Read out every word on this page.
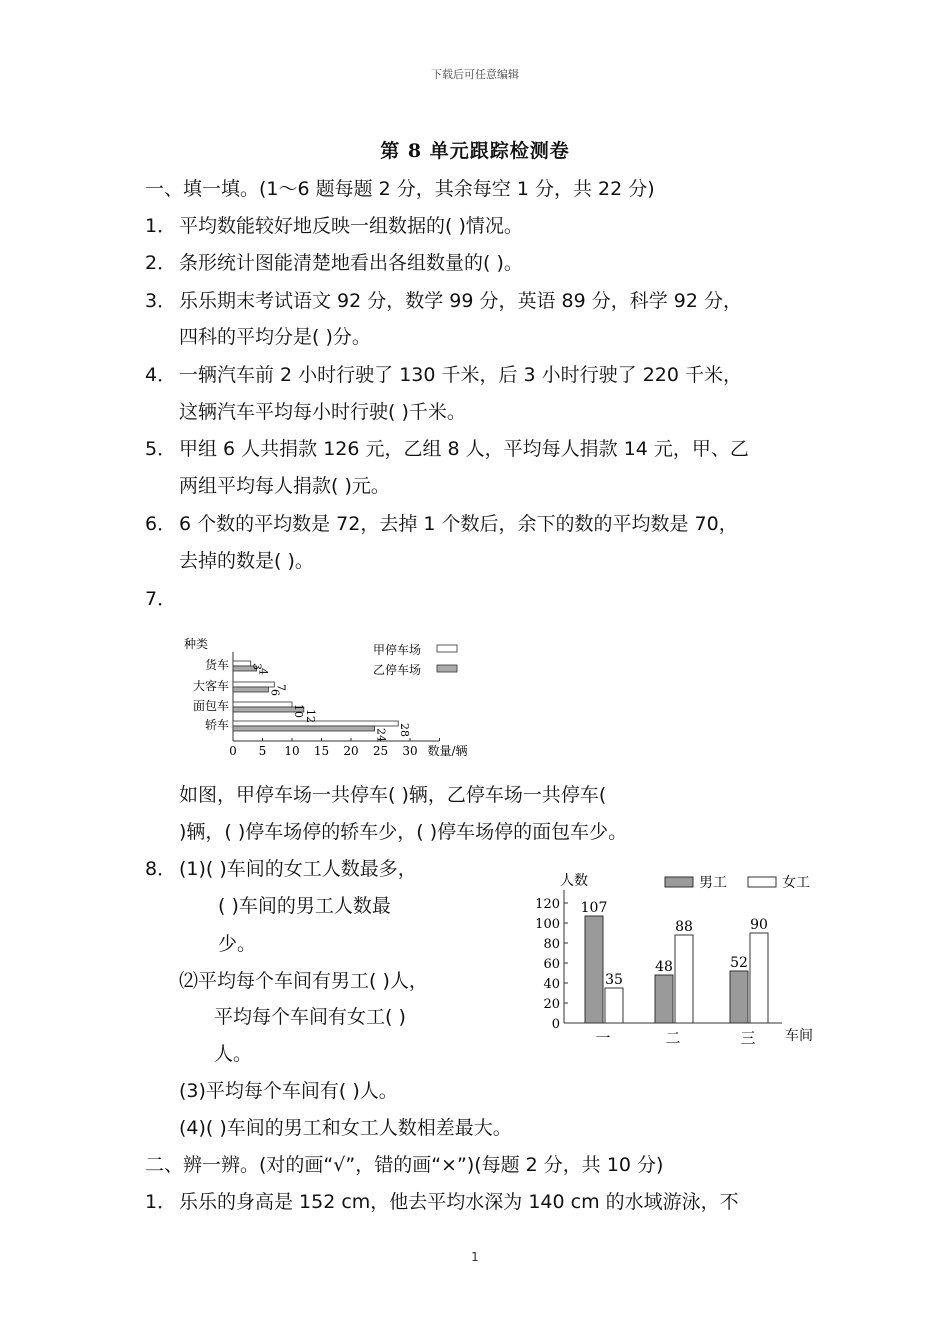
下载后可任意编辑
第 8 单元跟踪检测卷
一、填一填。(1～6 题每题 2 分，其余每空 1 分，共 22 分)
1． 平均数能较好地反映一组数据的( )情况。
2． 条形统计图能清楚地看出各组数量的( )。
3． 乐乐期末考试语文 92 分，数学 99 分，英语 89 分，科学 92 分，
四科的平均分是( )分。
4． 一辆汽车前 2 小时行驶了 130 千米，后 3 小时行驶了 220 千米，
这辆汽车平均每小时行驶( )千米。
5． 甲组 6 人共捐款 126 元，乙组 8 人，平均每人捐款 14 元，甲、乙
两组平均每人捐款( )元。
6． 6 个数的平均数是 72，去掉 1 个数后，余下的数的平均数是 70，
去掉的数是( )。
7．
种类
0 5 10 15 20 25 30 数量/辆
货车 3
4
大客车	7
6
面包车	10
12
轿车	28
24
甲停车场
乙停车场
如图，甲停车场一共停车( )辆，乙停车场一共停车(
)辆，( )停车场停的轿车少，( )停车场停的面包车少。
8． (1)( )车间的女工人数最多，
( )车间的男工人数最
少。
⑵平均每个车间有男工( )人，
平均每个车间有女工( )
人。
(3)平均每个车间有( )人。
(4)( )车间的男工和女工人数相差最大。
人数
0
20
40
60
80
100
120 107
35
一
48
88
二
52
90
三 车间
男工	女工
二、辨一辨。(对的画“√”，错的画“×”)(每题 2 分，共 10 分)
1． 乐乐的身高是 152 cm，他去平均水深为 140 cm 的水域游泳，不
1
